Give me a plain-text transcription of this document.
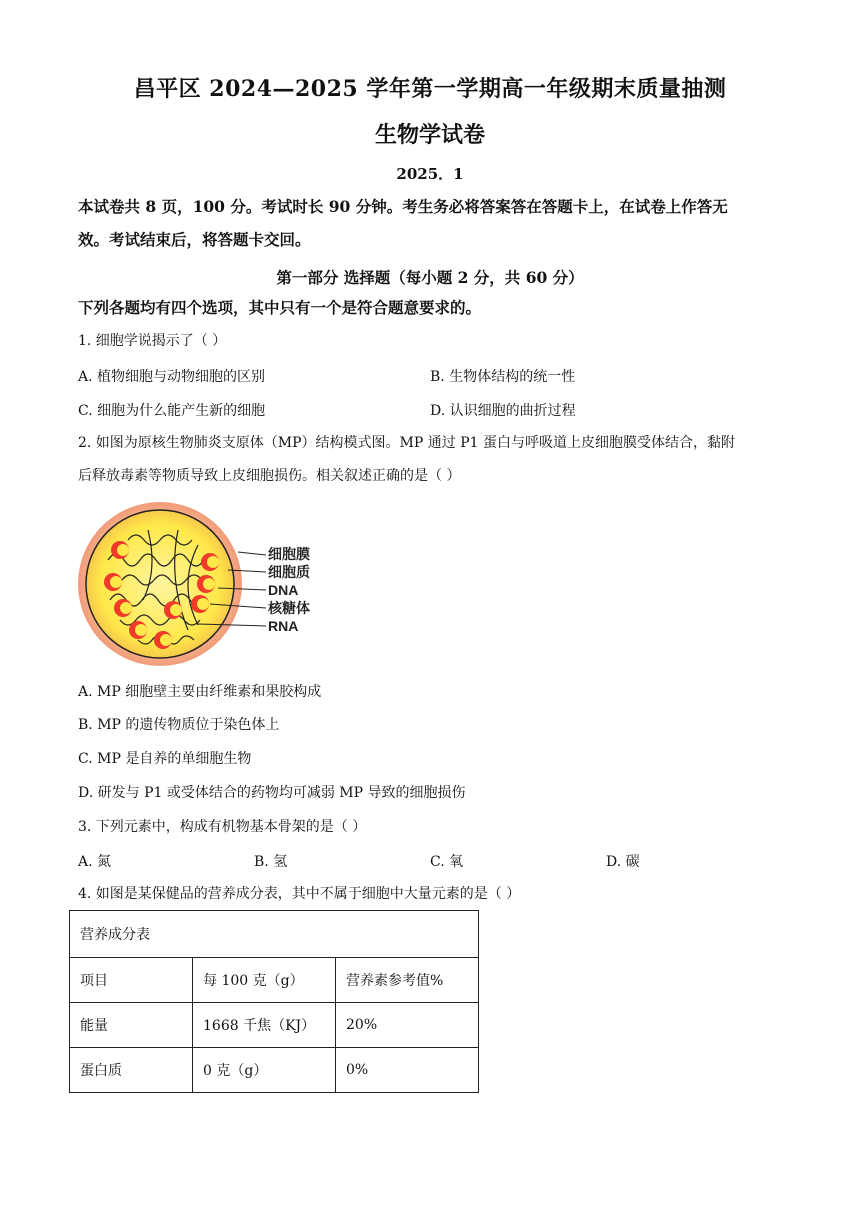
昌平区 2024—2025 学年第一学期高一年级期末质量抽测
生物学试卷
2025．1
本试卷共 8 页，100 分。考试时长 90 分钟。考生务必将答案答在答题卡上，在试卷上作答无
效。考试结束后，将答题卡交回。
第一部分 选择题（每小题 2 分，共 60 分）
下列各题均有四个选项，其中只有一个是符合题意要求的。
1. 细胞学说揭示了（ ）
A. 植物细胞与动物细胞的区别	B. 生物体结构的统一性
C. 细胞为什么能产生新的细胞	D. 认识细胞的曲折过程
2. 如图为原核生物肺炎支原体（MP）结构模式图。MP 通过 P1 蛋白与呼吸道上皮细胞膜受体结合，黏附
后释放毒素等物质导致上皮细胞损伤。相关叙述正确的是（ ）
细胞膜
细胞质
DNA
核糖体
RNA
A. MP 细胞壁主要由纤维素和果胶构成
B. MP 的遗传物质位于染色体上
C. MP 是自养的单细胞生物
D. 研发与 P1 或受体结合的药物均可减弱 MP 导致的细胞损伤
3. 下列元素中，构成有机物基本骨架的是（ ）
A. 氮	B. 氢	C. 氧	D. 碳
4. 如图是某保健品的营养成分表，其中不属于细胞中大量元素的是（ ）
营养成分表		
项目	每 100 克（g）	营养素参考值%
能量	1668 千焦（KJ）	20%
蛋白质	0 克（g）	0%
